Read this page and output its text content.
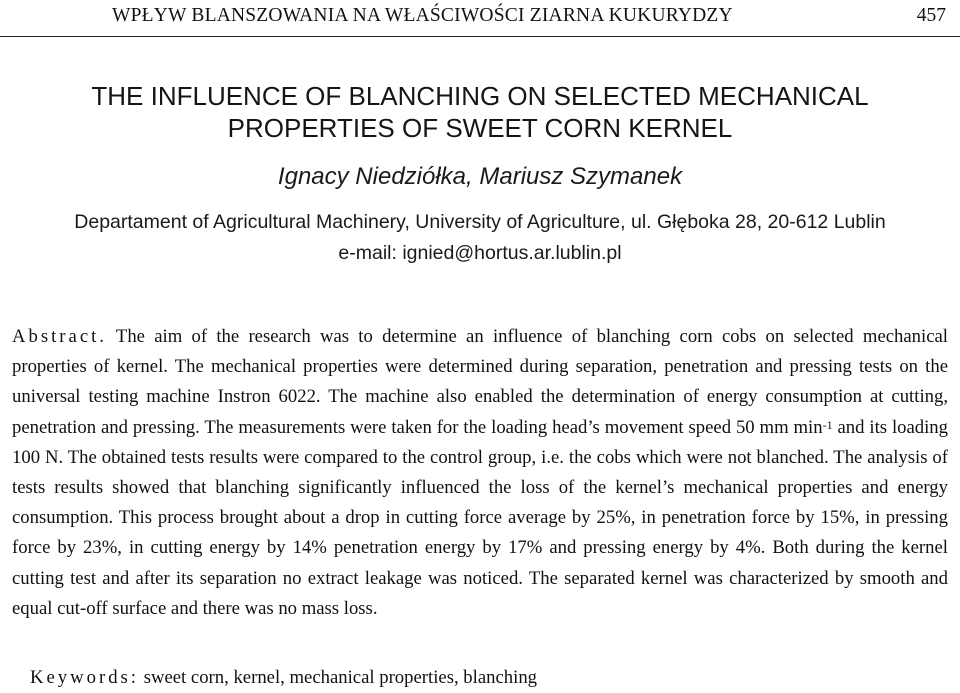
WPŁYW BLANSZOWANIA NA WŁAŚCIWOŚCI ZIARNA KUKURYDZY	457
THE INFLUENCE OF BLANCHING ON SELECTED MECHANICAL
PROPERTIES OF SWEET CORN KERNEL
Ignacy Niedziółka, Mariusz Szymanek
Departament of Agricultural Machinery, University of Agriculture, ul. Głęboka 28, 20-612 Lublin
e-mail: ignied@hortus.ar.lublin.pl

Abstract. The aim of the research was to determine an influence of blanching corn cobs on selected mechanical properties of kernel. The mechanical properties were determined during separation, penetration and pressing tests on the universal testing machine Instron 6022. The machine also enabled the determination of energy consumption at cutting, penetration and pressing. The measurements were taken for the loading head’s movement speed 50 mm $\min^{-1}$ and its loading 100 N. The obtained tests results were compared to the control group, i.e. the cobs which were not blanched. The analysis of tests results showed that blanching significantly influenced the loss of the kernel’s mechanical properties and energy consumption. This process brought about a drop in cutting force average by 25%, in penetration force by 15%, in pressing force by 23%, in cutting energy by 14% penetration energy by 17% and pressing energy by 4%. Both during the kernel cutting test and after its separation no extract leakage was noticed. The separated kernel was characterized by smooth and equal cut-off surface and there was no mass loss.

Keywords: sweet corn, kernel, mechanical properties, blanching
